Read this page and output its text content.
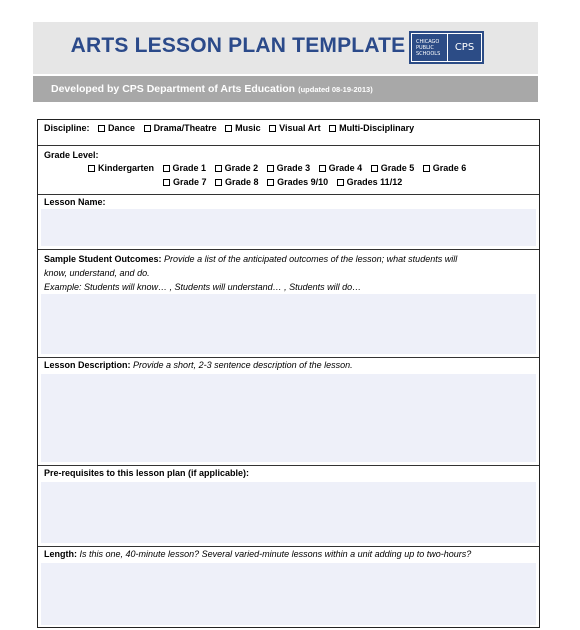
ARTS LESSON PLAN TEMPLATE	CHICAGO
PUBLIC
SCHOOLS
CPS
Developed by CPS Department of Arts Education (updated 08-19-2013)
Discipline: Dance Drama/Theatre Music Visual Art Multi-Disciplinary
Grade Level:
Kindergarten Grade 1 Grade 2 Grade 3 Grade 4 Grade 5 Grade 6
Grade 7 Grade 8 Grades 9/10 Grades 11/12
Lesson Name:
Sample Student Outcomes: Provide a list of the anticipated outcomes of the lesson; what students will
know, understand, and do.
Example: Students will know… , Students will understand… , Students will do…
Lesson Description: Provide a short, 2-3 sentence description of the lesson.
Pre-requisites to this lesson plan (if applicable):
Length: Is this one, 40-minute lesson? Several varied-minute lessons within a unit adding up to two-hours?
